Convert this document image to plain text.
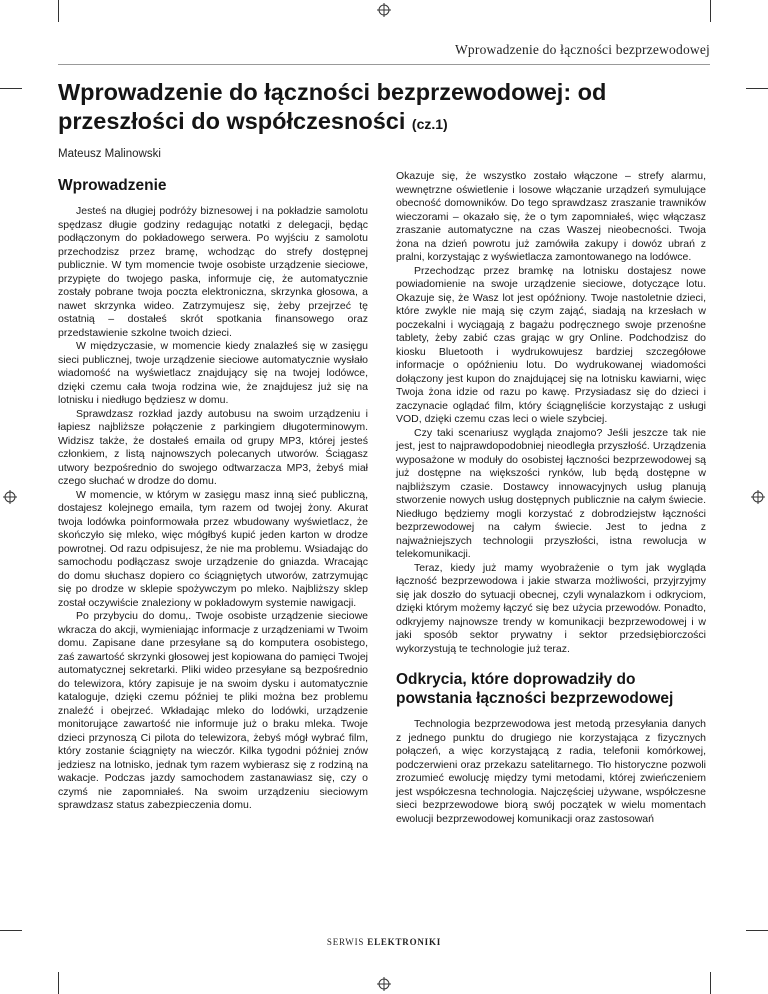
Wprowadzenie do łączności bezprzewodowej
Wprowadzenie do łączności bezprzewodowej: od przeszłości do współczesności (cz.1)
Mateusz Malinowski
Wprowadzenie

Jesteś na długiej podróży biznesowej i na pokładzie samolotu spędzasz długie godziny redagując notatki z delegacji, będąc podłączonym do pokładowego serwera. Po wyjściu z samolotu przechodzisz przez bramę, wchodząc do strefy dostępnej publicznie. W tym momencie twoje osobiste urządzenie sieciowe, przypięte do twojego paska, informuje cię, że automatycznie zostały pobrane twoja poczta elektroniczna, skrzynka głosowa, a nawet skrzynka wideo. Zatrzymujesz się, żeby przejrzeć tę ostatnią – dostałeś skrót spotkania finansowego oraz przedstawienie szkolne twoich dzieci.

W międzyczasie, w momencie kiedy znalazłeś się w zasięgu sieci publicznej, twoje urządzenie sieciowe automatycznie wysłało wiadomość na wyświetlacz znajdujący się na twojej lodówce, dzięki czemu cała twoja rodzina wie, że znajdujesz już się na lotnisku i niedługo będziesz w domu.

Sprawdzasz rozkład jazdy autobusu na swoim urządzeniu i łapiesz najbliższe połączenie z parkingiem długoterminowym. Widzisz także, że dostałeś emaila od grupy MP3, której jesteś członkiem, z listą najnowszych polecanych utworów. Ściągasz utwory bezpośrednio do swojego odtwarzacza MP3, żebyś miał czego słuchać w drodze do domu.

W momencie, w którym w zasięgu masz inną sieć publiczną, dostajesz kolejnego emaila, tym razem od twojej żony. Akurat twoja lodówka poinformowała przez wbudowany wyświetlacz, że skończyło się mleko, więc mógłbyś kupić jeden karton w drodze powrotnej. Od razu odpisujesz, że nie ma problemu. Wsiadając do samochodu podłączasz swoje urządzenie do gniazda. Wracając do domu słuchasz dopiero co ściągniętych utworów, zatrzymując się po drodze w sklepie spożywczym po mleko. Najbliższy sklep został oczywiście znaleziony w pokładowym systemie nawigacji.

Po przybyciu do domu,. Twoje osobiste urządzenie sieciowe wkracza do akcji, wymieniając informacje z urządzeniami w Twoim domu. Zapisane dane przesyłane są do komputera osobistego, zaś zawartość skrzynki głosowej jest kopiowana do pamięci Twojej automatycznej sekretarki. Pliki wideo przesyłane są bezpośrednio do telewizora, który zapisuje je na swoim dysku i automatycznie kataloguje, dzięki czemu później te pliki można bez problemu znaleźć i obejrzeć. Wkładając mleko do lodówki, urządzenie monitorujące zawartość nie informuje już o braku mleka. Twoje dzieci przynoszą Ci pilota do telewizora, żebyś mógł wybrać film, który zostanie ściągnięty na wieczór. Kilka tygodni później znów jedziesz na lotnisko, jednak tym razem wybierasz się z rodziną na wakacje. Podczas jazdy samochodem zastanawiasz się, czy o czymś nie zapomniałeś. Na swoim urządzeniu sieciowym sprawdzasz status zabezpieczenia domu.

Okazuje się, że wszystko zostało włączone – strefy alarmu, wewnętrzne oświetlenie i losowe włączanie urządzeń symulujące obecność domowników. Do tego sprawdzasz zraszanie trawników wieczorami – okazało się, że o tym zapomniałeś, więc włączasz zraszanie automatyczne na czas Waszej nieobecności. Twoja żona na dzień powrotu już zamówiła zakupy i dowóz ubrań z pralni, korzystając z wyświetlacza zamontowanego na lodówce.

Przechodząc przez bramkę na lotnisku dostajesz nowe powiadomienie na swoje urządzenie sieciowe, dotyczące lotu. Okazuje się, że Wasz lot jest opóźniony. Twoje nastoletnie dzieci, które zwykle nie mają się czym zająć, siadają na krzesłach w poczekalni i wyciągają z bagażu podręcznego swoje przenośne tablety, żeby zabić czas grając w gry Online. Podchodzisz do kiosku Bluetooth i wydrukowujesz bardziej szczegółowe informacje o opóźnieniu lotu. Do wydrukowanej wiadomości dołączony jest kupon do znajdującej się na lotnisku kawiarni, więc Twoja żona idzie od razu po kawę. Przysiadasz się do dzieci i zaczynacie oglądać film, który ściągnęliście korzystając z usługi VOD, dzięki czemu czas leci o wiele szybciej.

Czy taki scenariusz wygląda znajomo? Jeśli jeszcze tak nie jest, jest to najprawdopodobniej nieodległa przyszłość. Urządzenia wyposażone w moduły do osobistej łączności bezprzewodowej są już dostępne na większości rynków, lub będą dostępne w najbliższym czasie. Dostawcy innowacyjnych usług planują stworzenie nowych usług dostępnych publicznie na całym świecie. Niedługo będziemy mogli korzystać z dobrodziejstw łączności bezprzewodowej na całym świecie. Jest to jedna z najważniejszych technologii przyszłości, istna rewolucja w telekomunikacji.

Teraz, kiedy już mamy wyobrażenie o tym jak wygląda łączność bezprzewodowa i jakie stwarza możliwości, przyjrzyjmy się jak doszło do sytuacji obecnej, czyli wynalazkom i odkryciom, dzięki którym możemy łączyć się bez użycia przewodów. Ponadto, odkryjemy najnowsze trendy w komunikacji bezprzewodowej i w jaki sposób sektor prywatny i sektor przedsiębiorczości wykorzystują te technologie już teraz.

Odkrycia, które doprowadziły do powstania łączności bezprzewodowej

Technologia bezprzewodowa jest metodą przesyłania danych z jednego punktu do drugiego nie korzystająca z fizycznych połączeń, a więc korzystającą z radia, telefonii komórkowej, podczerwieni oraz przekazu satelitarnego. Tło historyczne pozwoli zrozumieć ewolucję między tymi metodami, której zwieńczeniem jest współczesna technologia. Najczęściej używane, współczesne sieci bezprzewodowe biorą swój początek w wielu momentach ewolucji bezprzewodowej komunikacji oraz zastosowań

SERWIS ELEKTRONIKI
